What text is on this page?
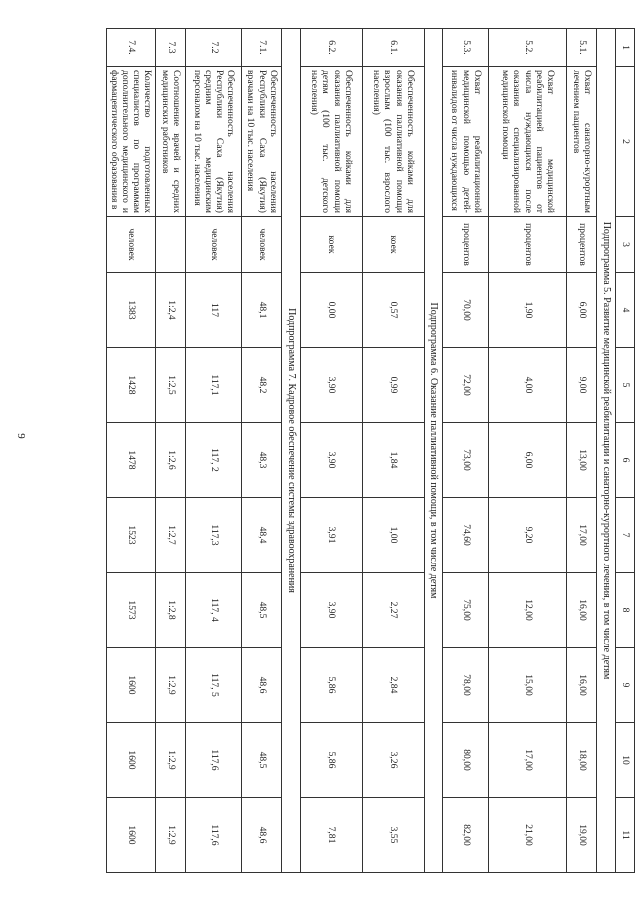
9
1	2	3	4	5	6	7	8	9	10	11
Подпрограмма 5. Развитие медицинской реабилитации и санаторно-курортного лечения, в том числе детям										
5.1.	Охват санаторно-курортным лечением пациентов	процентов	6,00	9,00	13,00	17,00	16,00	16,00	18,00	19,00
5.2.	Охват медицинской реабилитацией пациентов от числа нуждающихся после оказания специализированной медицинской помощи	процентов	1,90	4,00	6,00	9,20	12,00	15,00	17,00	21,00
5.3.	Охват реабилитационной медицинской помощью детей-инвалидов от числа нуждающихся	процентов	70,00	72,00	73,00	74,60	75,00	78,00	80,00	82,00
Подпрограмма 6. Оказание паллиативной помощи, в том числе детям										
6.1.	Обеспеченность койками для оказания паллиативной помощи взрослым (100 тыс. взрослого населения)	коек	0,57	0,99	1,84	1,00	2,27	2,84	3,26	3,55
6.2.	Обеспеченность койками для оказания паллиативной помощи детям (100 тыс. детского населения)	коек	0,00	3,90	3,90	3,91	3,90	5,86	5,86	7,81
Подпрограмма 7. Кадровое обеспечение системы здравоохранения										
7.1.	Обеспеченность населения Республики Саха (Якутия) врачами на 10 тыс. населения	человек	48,1	48,2	48,3	48,4	48,5	48,6	48,5	48,6
7.2	Обеспеченность населения Республики Саха (Якутия) средним медицинским персоналом на 10 тыс. населения	человек	117	117,1	117, 2	117,3	117, 4	117, 5	117,6	117,6
7.3	Соотношение врачей и средних медицинских работников		1:2,4	1:2,5	1:2,6	1:2,7	1:2,8	1:2,9	1:2,9	1:2,9
7.4.	Количество подготовленных специалистов по программам дополнительного медицинского и фармацевтического образования в	человек	1383	1428	1478	1523	1573	1600	1600	1600
